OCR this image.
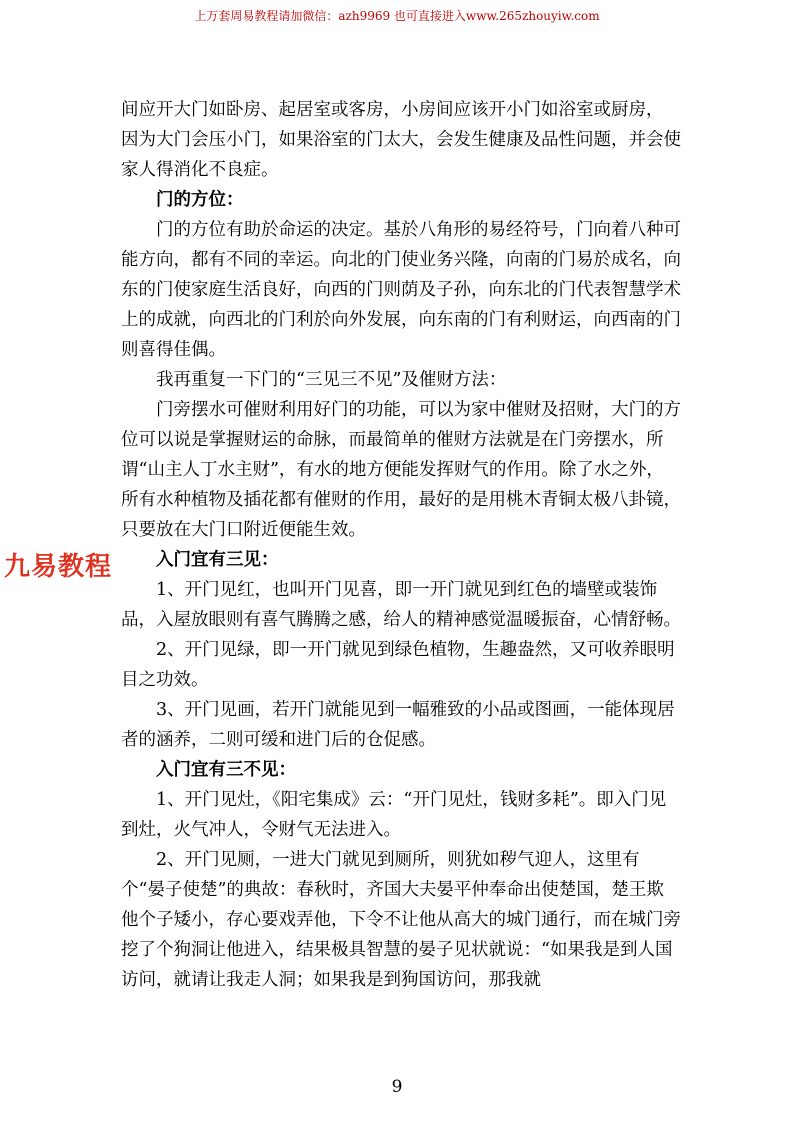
上万套周易教程请加微信：azh9969 也可直接进入www.265zhouyiw.com
九易教程

间应开大门如卧房、起居室或客房，小房间应该开小门如浴室或厨房， 因为大门会压小门，如果浴室的门太大，会发生健康及品性问题，并会使家人得消化不良症。

门的方位：

门的方位有助於命运的决定。基於八角形的易经符号，门向着八种可能方向，都有不同的幸运。向北的门使业务兴隆，向南的门易於成名，向东的门使家庭生活良好，向西的门则荫及子孙，向东北的门代表智慧学术上的成就，向西北的门利於向外发展，向东南的门有利财运，向西南的门则喜得佳偶。

我再重复一下门的“三见三不见”及催财方法：

门旁摆水可催财利用好门的功能，可以为家中催财及招财，大门的方位可以说是掌握财运的命脉，而最简单的催财方法就是在门旁摆水，所谓“山主人丁水主财”，有水的地方便能发挥财气的作用。除了水之外，所有水种植物及插花都有催财的作用，最好的是用桃木青铜太极八卦镜，只要放在大门口附近便能生效。

入门宜有三见：

1、开门见红，也叫开门见喜，即一开门就见到红色的墙壁或装饰品，入屋放眼则有喜气腾腾之感，给人的精神感觉温暖振奋，心情舒畅。

2、开门见绿，即一开门就见到绿色植物，生趣盎然，又可收养眼明目之功效。

3、开门见画，若开门就能见到一幅雅致的小品或图画，一能体现居者的涵养，二则可缓和进门后的仓促感。

入门宜有三不见：

1、开门见灶，《阳宅集成》云：“开门见灶，钱财多耗”。即入门见到灶，火气冲人，令财气无法进入。

2、开门见厕，一进大门就见到厕所，则犹如秽气迎人，这里有个“晏子使楚”的典故：春秋时，齐国大夫晏平仲奉命出使楚国，楚王欺他个子矮小，存心要戏弄他，下令不让他从高大的城门通行，而在城门旁挖了个狗洞让他进入，结果极具智慧的晏子见状就说：“如果我是到人国访问，就请让我走人洞；如果我是到狗国访问，那我就

9
